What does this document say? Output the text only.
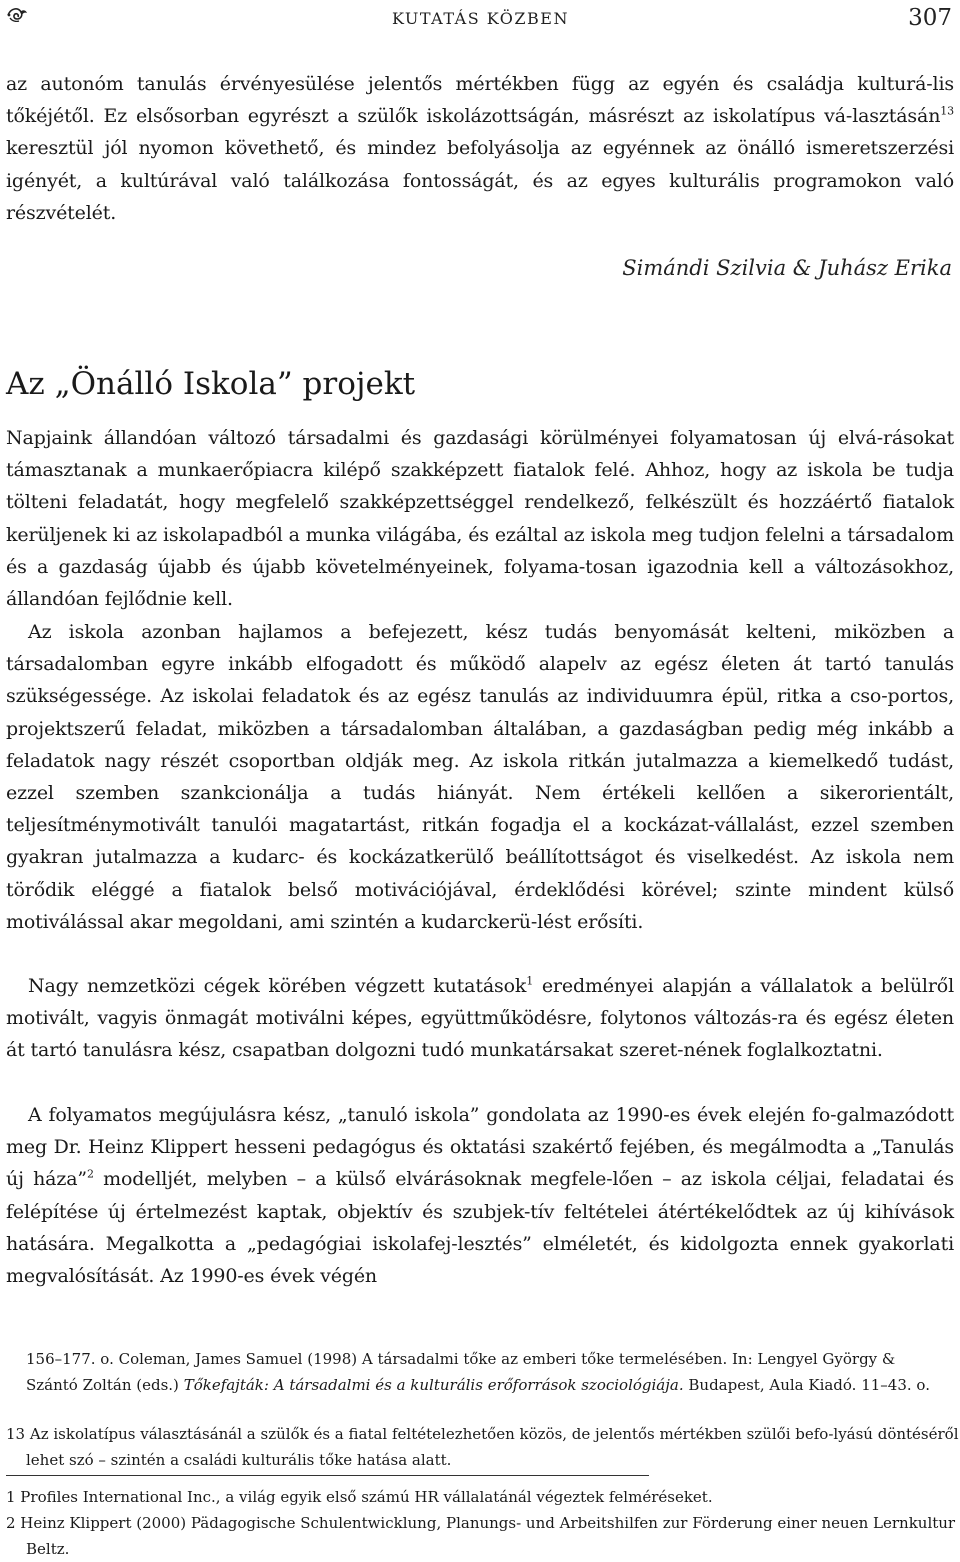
KUTATÁS KÖZBEN	307

az autonóm tanulás érvényesülése jelentős mértékben függ az egyén és családja kulturá-lis tőkéjétől. Ez elsősorban egyrészt a szülők iskolázottságán, másrészt az iskolatípus vá-lasztásán$^{13}$ keresztül jól nyomon követhető, és mindez befolyásolja az egyénnek az önálló ismeretszerzési igényét, a kultúrával való találkozása fontosságát, és az egyes kulturális programokon való részvételét.

Simándi Szilvia & Juhász Erika
Az „Önálló Iskola” projekt

Napjaink állandóan változó társadalmi és gazdasági körülményei folyamatosan új elvá-rásokat támasztanak a munkaerőpiacra kilépő szakképzett fiatalok felé. Ahhoz, hogy az iskola be tudja tölteni feladatát, hogy megfelelő szakképzettséggel rendelkező, felkészült és hozzáértő fiatalok kerüljenek ki az iskolapadból a munka világába, és ezáltal az iskola meg tudjon felelni a társadalom és a gazdaság újabb és újabb követelményeinek, folyama-tosan igazodnia kell a változásokhoz, állandóan fejlődnie kell.

Az iskola azonban hajlamos a befejezett, kész tudás benyomását kelteni, miközben a társadalomban egyre inkább elfogadott és működő alapelv az egész életen át tartó tanulás szükségessége. Az iskolai feladatok és az egész tanulás az individuumra épül, ritka a cso-portos, projektszerű feladat, miközben a társadalomban általában, a gazdaságban pedig még inkább a feladatok nagy részét csoportban oldják meg. Az iskola ritkán jutalmazza a kiemelkedő tudást, ezzel szemben szankcionálja a tudás hiányát. Nem értékeli kellően a sikerorientált, teljesítménymotivált tanulói magatartást, ritkán fogadja el a kockázat-vállalást, ezzel szemben gyakran jutalmazza a kudarc- és kockázatkerülő beállítottságot és viselkedést. Az iskola nem törődik eléggé a fiatalok belső motivációjával, érdeklődési körével; szinte mindent külső motiválással akar megoldani, ami szintén a kudarckerü-lést erősíti.

Nagy nemzetközi cégek körében végzett kutatások$^1$ eredményei alapján a vállalatok a belülről motivált, vagyis önmagát motiválni képes, együttműködésre, folytonos változás-ra és egész életen át tartó tanulásra kész, csapatban dolgozni tudó munkatársakat szeret-nének foglalkoztatni.

A folyamatos megújulásra kész, „tanuló iskola” gondolata az 1990-es évek elején fo-galmazódott meg Dr. Heinz Klippert hesseni pedagógus és oktatási szakértő fejében, és megálmodta a „Tanulás új háza”$^2$ modelljét, melyben – a külső elvárásoknak megfele-lően – az iskola céljai, feladatai és felépítése új értelmezést kaptak, objektív és szubjek-tív feltételei átértékelődtek az új kihívások hatására. Megalkotta a „pedagógiai iskolafej-lesztés” elméletét, és kidolgozta ennek gyakorlati megvalósítását. Az 1990-es évek végén

156–177. o. Coleman, James Samuel (1998) A társadalmi tőke az emberi tőke termelésében. In: Lengyel György & Szántó Zoltán (eds.) Tőkefajták: A társadalmi és a kulturális erőforrások szociológiája. Budapest, Aula Kiadó. 11–43. o.

13 Az iskolatípus választásánál a szülők és a fiatal feltételezhetően közös, de jelentős mértékben szülői befo-lyású döntéséről lehet szó – szintén a családi kulturális tőke hatása alatt.

1 Profiles International Inc., a világ egyik első számú HR vállalatánál végeztek felméréseket.

2 Heinz Klippert (2000) Pädagogische Schulentwicklung, Planungs- und Arbeitshilfen zur Förderung einer neuen Lernkultur Beltz.
